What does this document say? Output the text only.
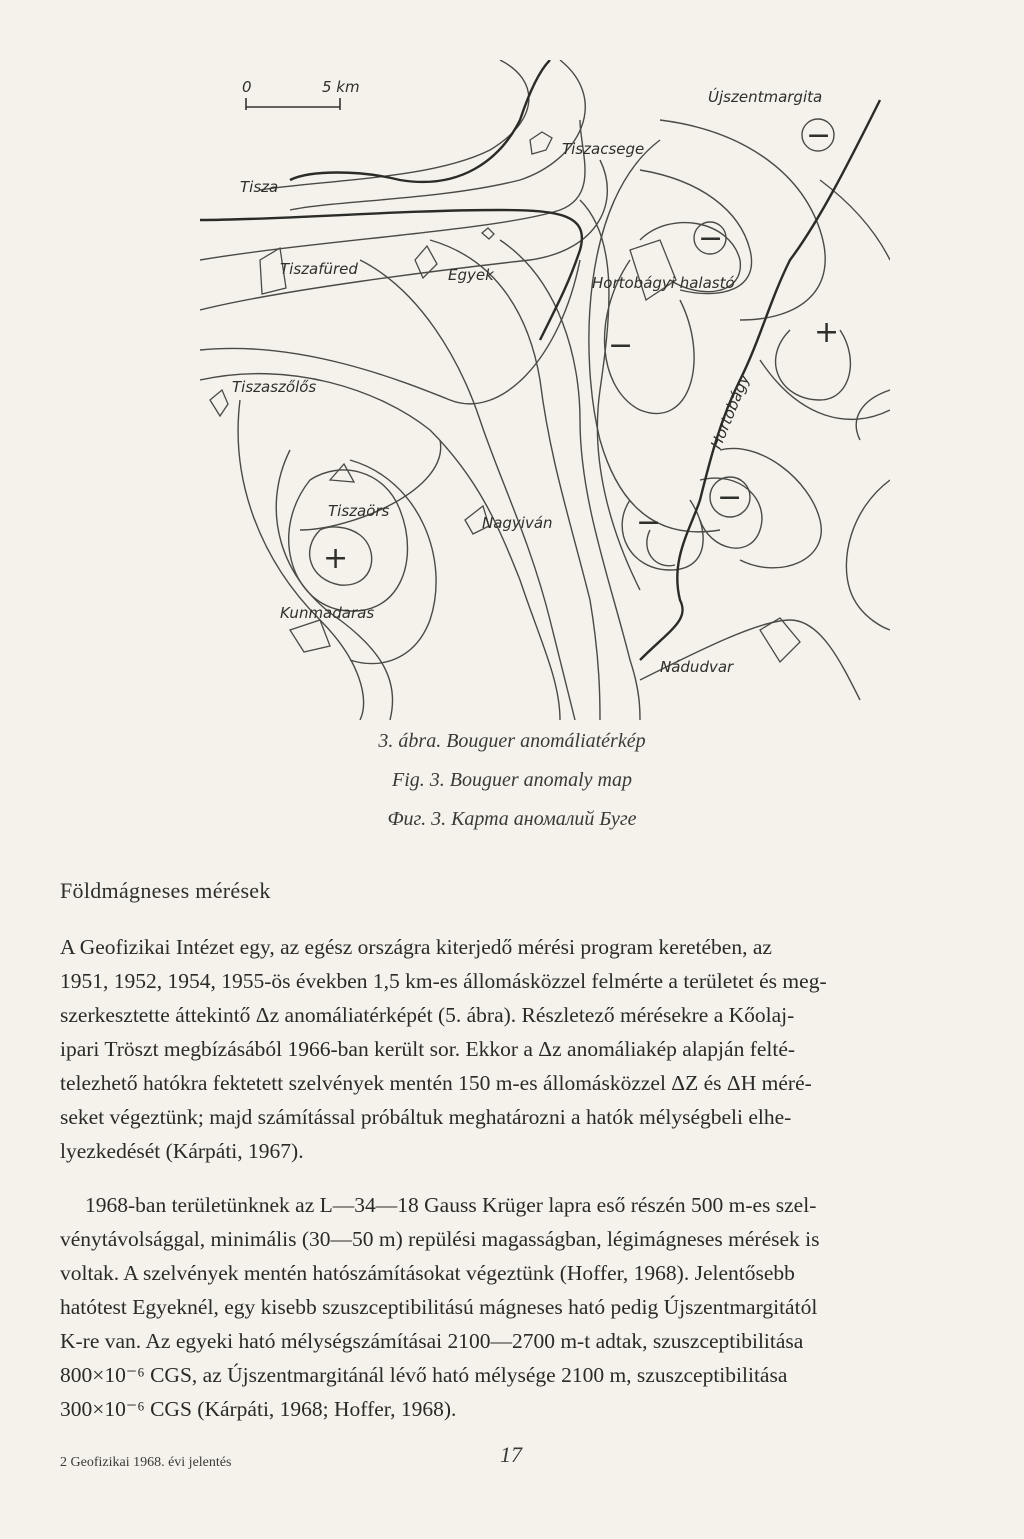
0	5 km
−
−
−	+
−
−
+
Újszentmargita
Tiszacsege
Tisza
Tiszafüred	Egyek	Hortobágyi halastó
Tiszaszőlős	Hortobágy
Tiszaörs
Nagyiván
Kunmadaras
Nádudvar
3. ábra. Bouguer anomáliatérkép
Fig. 3. Bouguer anomaly map
Фиг. 3. Карта аномалий Буге
Földmágneses mérések
A Geofizikai Intézet egy, az egész országra kiterjedő mérési program keretében, az
1951, 1952, 1954, 1955-ös években 1,5 km-es állomásközzel felmérte a területet és meg-
szerkesztette áttekintő Δz anomáliatérképét (5. ábra). Részletező mérésekre a Kőolaj-
ipari Tröszt megbízásából 1966-ban került sor. Ekkor a Δz anomáliakép alapján felté-
telezhető hatókra fektetett szelvények mentén 150 m-es állomásközzel ΔZ és ΔH méré-
seket végeztünk; majd számítással próbáltuk meghatározni a hatók mélységbeli elhe-
lyezkedését (Kárpáti, 1967).
1968-ban területünknek az L—34—18 Gauss Krüger lapra eső részén 500 m-es szel-
vénytávolsággal, minimális (30—50 m) repülési magasságban, légimágneses mérések is
voltak. A szelvények mentén hatószámításokat végeztünk (Hoffer, 1968). Jelentősebb
hatótest Egyeknél, egy kisebb szuszceptibilitású mágneses ható pedig Újszentmargitától
K-re van. Az egyeki ható mélységszámításai 2100—2700 m-t adtak, szuszceptibilitása
800×10⁻⁶ CGS, az Újszentmargitánál lévő ható mélysége 2100 m, szuszceptibilitása
300×10⁻⁶ CGS (Kárpáti, 1968; Hoffer, 1968).
2 Geofizikai 1968. évi jelentés	17
